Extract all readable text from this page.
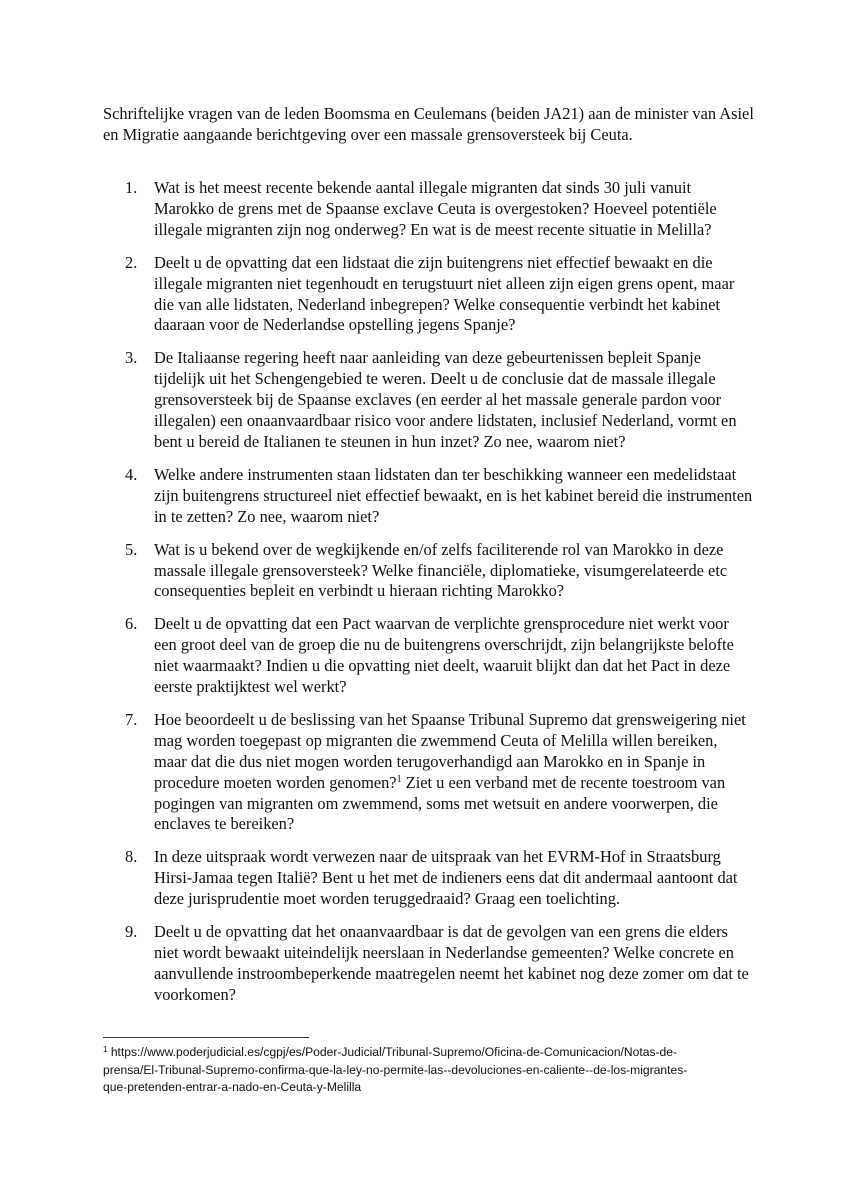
Schriftelijke vragen van de leden Boomsma en Ceulemans (beiden JA21) aan de minister van Asiel en Migratie aangaande berichtgeving over een massale grensoversteek bij Ceuta.

1. Wat is het meest recente bekende aantal illegale migranten dat sinds 30 juli vanuit Marokko de grens met de Spaanse exclave Ceuta is overgestoken? Hoeveel potentiële illegale migranten zijn nog onderweg? En wat is de meest recente situatie in Melilla?
2. Deelt u de opvatting dat een lidstaat die zijn buitengrens niet effectief bewaakt en die illegale migranten niet tegenhoudt en terugstuurt niet alleen zijn eigen grens opent, maar die van alle lidstaten, Nederland inbegrepen? Welke consequentie verbindt het kabinet daaraan voor de Nederlandse opstelling jegens Spanje?
3. De Italiaanse regering heeft naar aanleiding van deze gebeurtenissen bepleit Spanje tijdelijk uit het Schengengebied te weren. Deelt u de conclusie dat de massale illegale grensoversteek bij de Spaanse exclaves (en eerder al het massale generale pardon voor illegalen) een onaanvaardbaar risico voor andere lidstaten, inclusief Nederland, vormt en bent u bereid de Italianen te steunen in hun inzet? Zo nee, waarom niet?
4. Welke andere instrumenten staan lidstaten dan ter beschikking wanneer een medelidstaat zijn buitengrens structureel niet effectief bewaakt, en is het kabinet bereid die instrumenten in te zetten? Zo nee, waarom niet?
5. Wat is u bekend over de wegkijkende en/of zelfs faciliterende rol van Marokko in deze massale illegale grensoversteek? Welke financiële, diplomatieke, visumgerelateerde etc consequenties bepleit en verbindt u hieraan richting Marokko?
6. Deelt u de opvatting dat een Pact waarvan de verplichte grensprocedure niet werkt voor een groot deel van de groep die nu de buitengrens overschrijdt, zijn belangrijkste belofte niet waarmaakt? Indien u die opvatting niet deelt, waaruit blijkt dan dat het Pact in deze eerste praktijktest wel werkt?
7. Hoe beoordeelt u de beslissing van het Spaanse Tribunal Supremo dat grensweigering niet mag worden toegepast op migranten die zwemmend Ceuta of Melilla willen bereiken, maar dat die dus niet mogen worden terugoverhandigd aan Marokko en in Spanje in procedure moeten worden genomen?$^1$ Ziet u een verband met de recente toestroom van pogingen van migranten om zwemmend, soms met wetsuit en andere voorwerpen, die enclaves te bereiken?
8. In deze uitspraak wordt verwezen naar de uitspraak van het EVRM-Hof in Straatsburg Hirsi-Jamaa tegen Italië? Bent u het met de indieners eens dat dit andermaal aantoont dat deze jurisprudentie moet worden teruggedraaid? Graag een toelichting.
9. Deelt u de opvatting dat het onaanvaardbaar is dat de gevolgen van een grens die elders niet wordt bewaakt uiteindelijk neerslaan in Nederlandse gemeenten? Welke concrete en aanvullende instroombeperkende maatregelen neemt het kabinet nog deze zomer om dat te voorkomen?

$^1$ https://www.poderjudicial.es/cgpj/es/Poder-Judicial/Tribunal-Supremo/Oficina-de-Comunicacion/Notas-de-
prensa/El-Tribunal-Supremo-confirma-que-la-ley-no-permite-las--devoluciones-en-caliente--de-los-migrantes-
que-pretenden-entrar-a-nado-en-Ceuta-y-Melilla
